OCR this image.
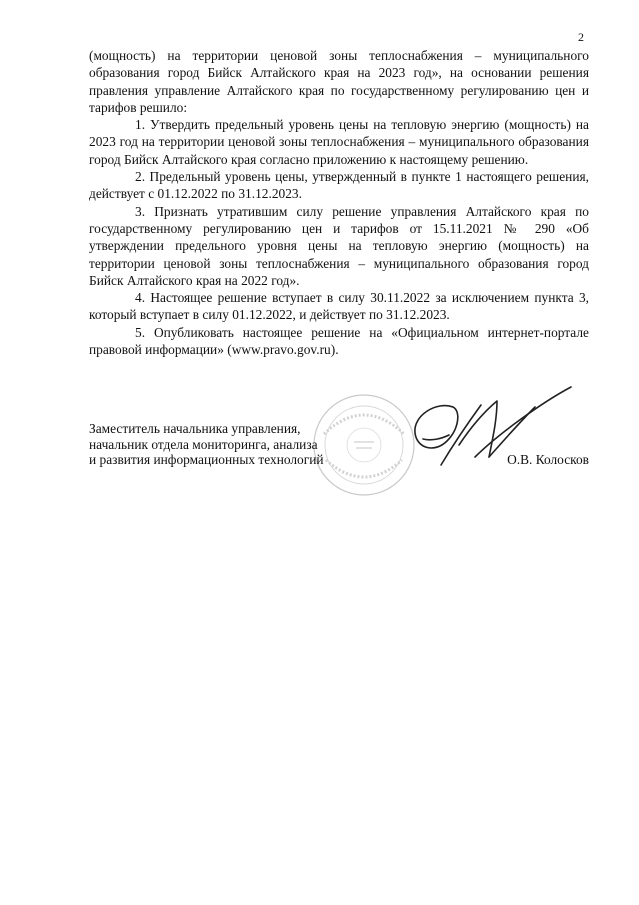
2

(мощность) на территории ценовой зоны теплоснабжения – муниципального образования город Бийск Алтайского края на 2023 год», на основании решения правления управление Алтайского края по государственному регулированию цен и тарифов решило:

1. Утвердить предельный уровень цены на тепловую энергию (мощность) на 2023 год на территории ценовой зоны теплоснабжения – муниципального образования город Бийск Алтайского края согласно приложению к настоящему решению.

2. Предельный уровень цены, утвержденный в пункте 1 настоящего решения, действует с 01.12.2022 по 31.12.2023.

3. Признать утратившим силу решение управления Алтайского края по государственному регулированию цен и тарифов от 15.11.2021 № 290 «Об утверждении предельного уровня цены на тепловую энергию (мощность) на территории ценовой зоны теплоснабжения – муниципального образования город Бийск Алтайского края на 2022 год».

4. Настоящее решение вступает в силу 30.11.2022 за исключением пункта 3, который вступает в силу 01.12.2022, и действует по 31.12.2023.

5. Опубликовать настоящее решение на «Официальном интернет-портале правовой информации» (www.pravo.gov.ru).

Заместитель начальника управления,
начальник отдела мониторинга, анализа
и развития информационных технологий	О.В. Колосков
